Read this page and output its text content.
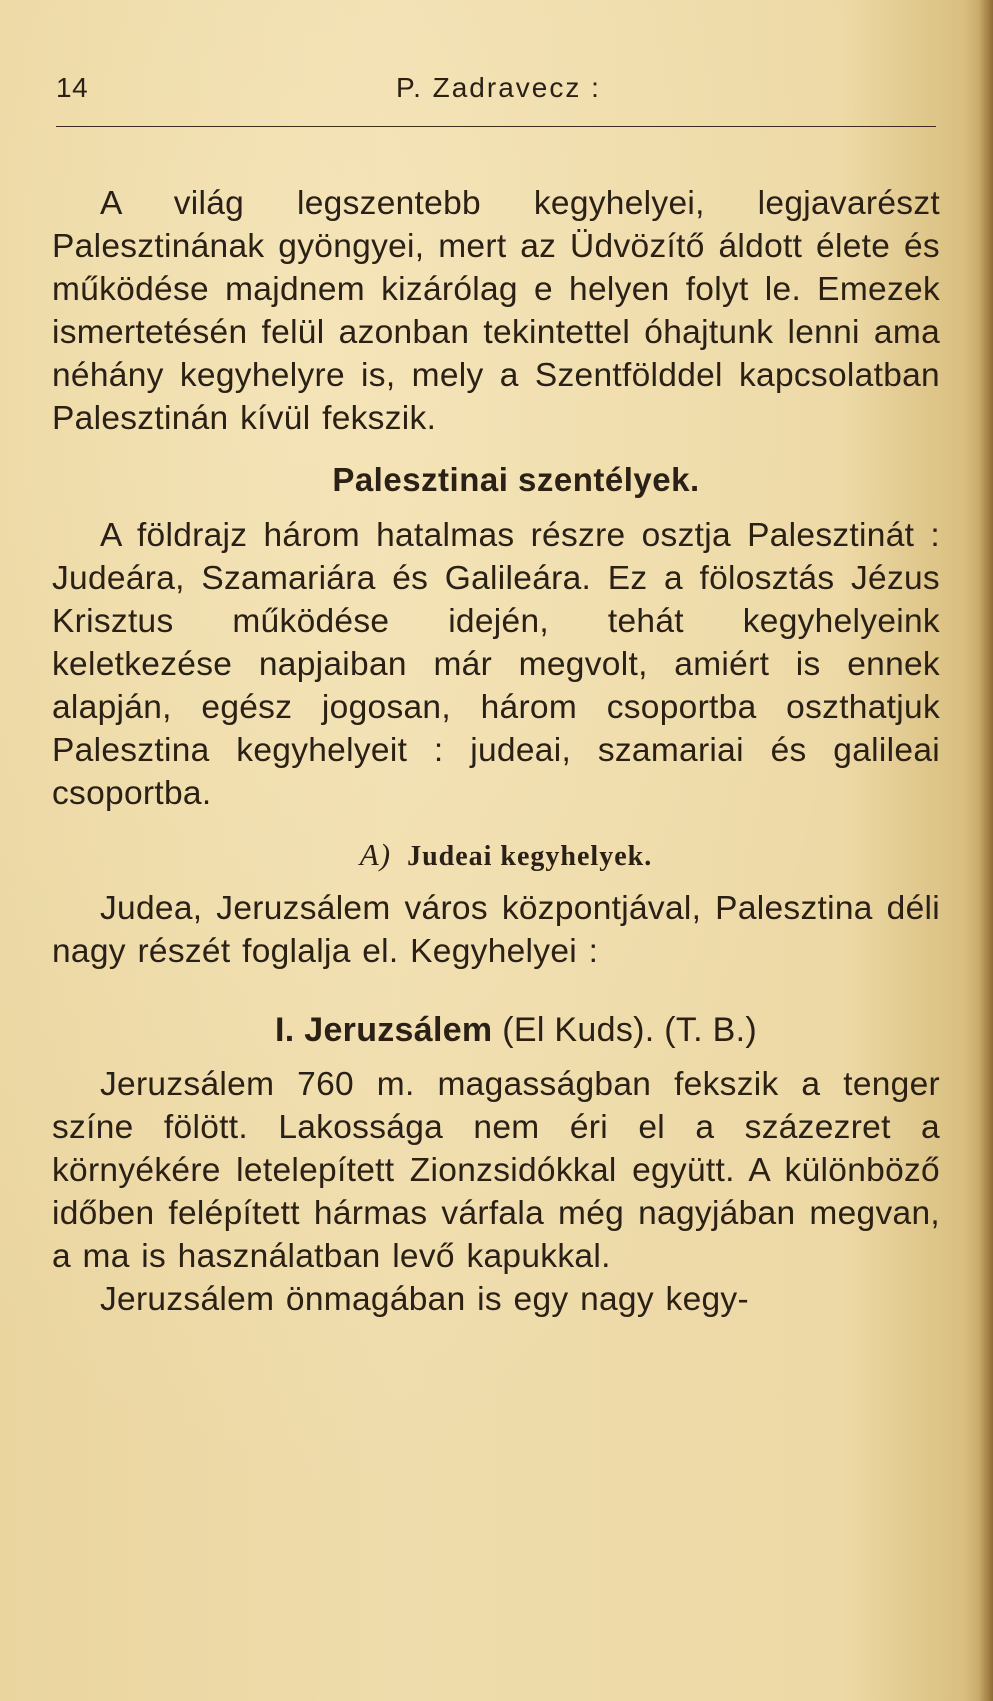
14	P. Zadravecz :

A világ legszentebb kegyhelyei, legjavarészt Palesztinának gyöngyei, mert az Üdvözítő áldott élete és működése majdnem kizárólag e helyen folyt le. Emezek ismertetésén felül azonban tekintettel óhajtunk lenni ama néhány kegyhelyre is, mely a Szentfölddel kapcsolatban Palesztinán kívül fekszik.

Palesztinai szentélyek.

A földrajz három hatalmas részre osztja Palesztinát : Judeára, Szamariára és Galileára. Ez a fölosztás Jézus Krisztus működése idején, tehát kegyhelyeink keletkezése napjaiban már megvolt, amiért is ennek alapján, egész jogosan, három csoportba oszthatjuk Palesztina kegyhelyeit : judeai, szamariai és galileai csoportba.

A) Judeai kegyhelyek.

Judea, Jeruzsálem város központjával, Palesztina déli nagy részét foglalja el. Kegyhelyei :

I. Jeruzsálem (El Kuds). (T. B.)

Jeruzsálem 760 m. magasságban fekszik a tenger színe fölött. Lakossága nem éri el a százezret a környékére letelepített Zionzsidókkal együtt. A különböző időben felépített hármas várfala még nagyjában megvan, a ma is használatban levő kapukkal.

Jeruzsálem önmagában is egy nagy kegy-
